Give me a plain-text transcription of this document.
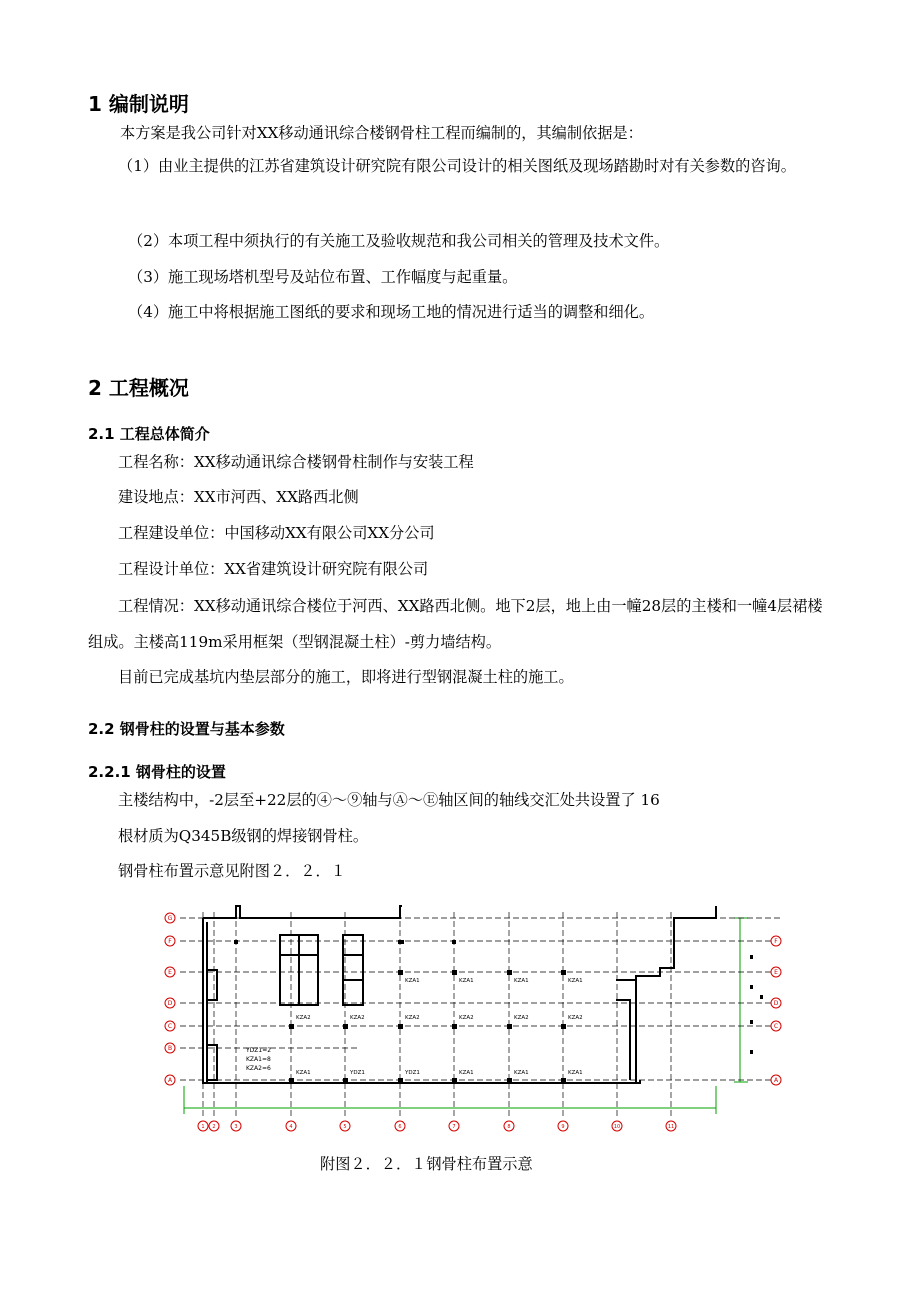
1 编制说明
本方案是我公司针对XX移动通讯综合楼钢骨柱工程而编制的，其编制依据是：
（1）由业主提供的江苏省建筑设计研究院有限公司设计的相关图纸及现场踏勘时对有关参数的咨询。
（2）本项工程中须执行的有关施工及验收规范和我公司相关的管理及技术文件。
（3）施工现场塔机型号及站位布置、工作幅度与起重量。
（4）施工中将根据施工图纸的要求和现场工地的情况进行适当的调整和细化。
2 工程概况
2.1 工程总体简介
工程名称：XX移动通讯综合楼钢骨柱制作与安装工程
建设地点：XX市河西、XX路西北侧
工程建设单位：中国移动XX有限公司XX分公司
工程设计单位：XX省建筑设计研究院有限公司
工程情况：XX移动通讯综合楼位于河西、XX路西北侧。地下2层，地上由一幢28层的主楼和一幢4层裙楼组成。主楼高119m采用框架（型钢混凝土柱）-剪力墙结构。
目前已完成基坑内垫层部分的施工，即将进行型钢混凝土柱的施工。
2.2 钢骨柱的设置与基本参数
2.2.1 钢骨柱的设置
主楼结构中，-2层至+22层的④～⑨轴与Ⓐ～Ⓔ轴区间的轴线交汇处共设置了 16
根材质为Q345B级钢的焊接钢骨柱。
钢骨柱布置示意见附图２．２．１
YDZ1=2
KZA1=8
KZA2=6
KZA1	KZA1	KZA1	KZA1
KZA2	KZA2	KZA2	KZA2	KZA2	KZA2
KZA1	YDZ1	YDZ1	KZA1	KZA1	KZA1
G
F
E
D
C
B
A
F
E
D
C
A
1 2	3	4	5	6	7	8	9	10	11
附图２．２．１钢骨柱布置示意
